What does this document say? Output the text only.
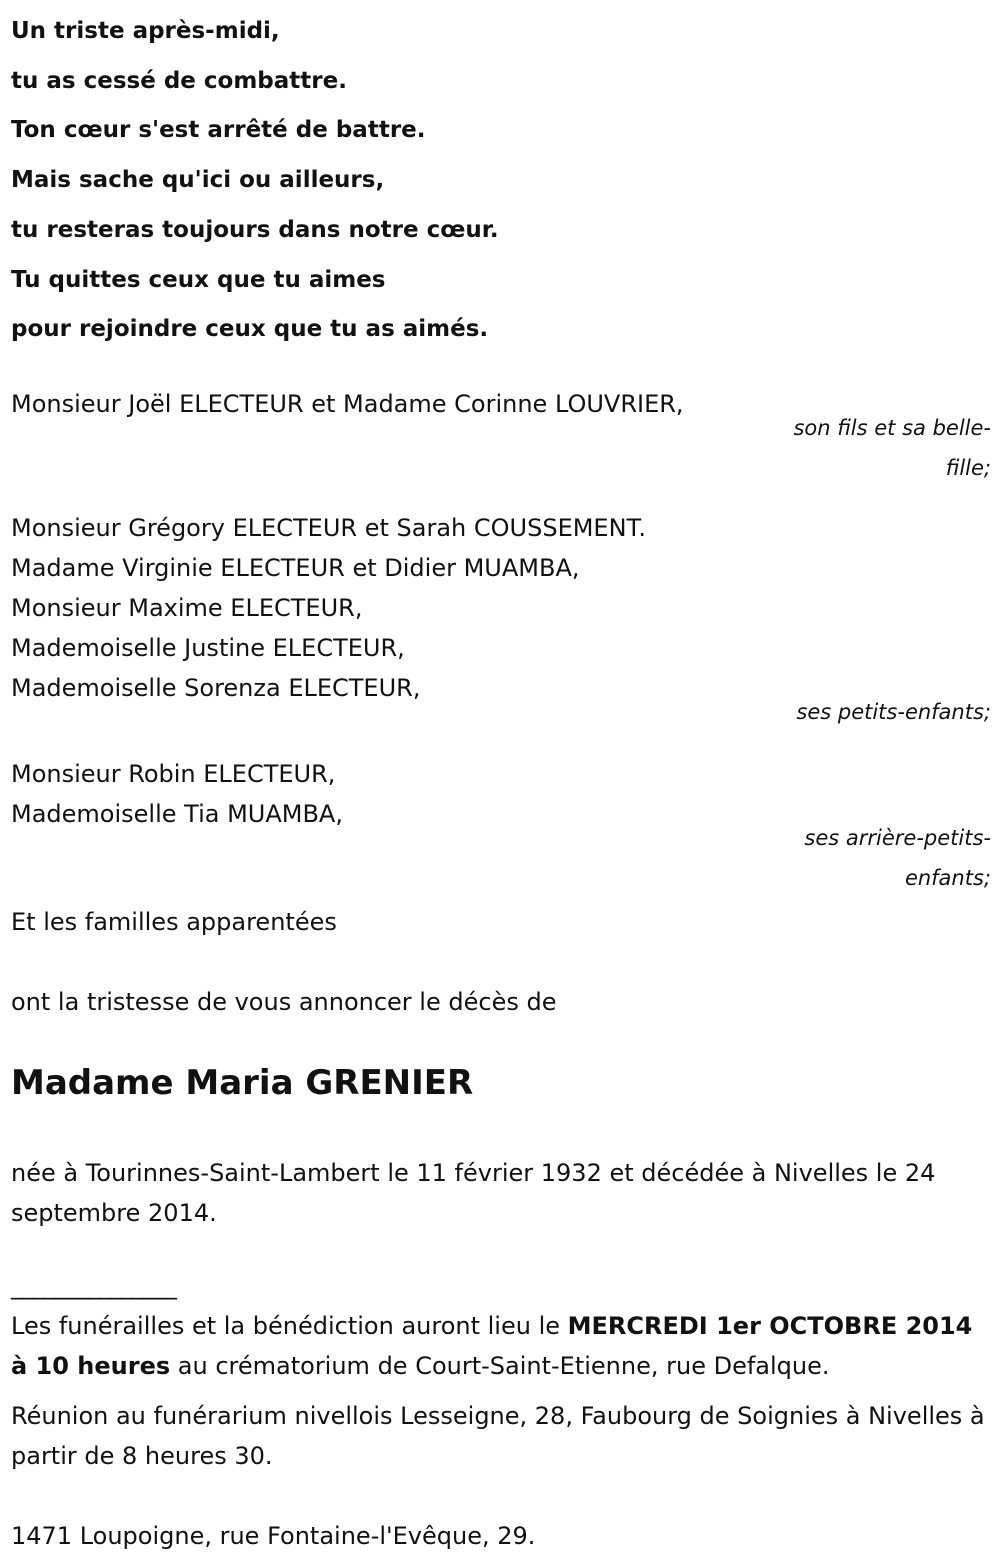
Un triste après-midi,
tu as cessé de combattre.
Ton cœur s'est arrêté de battre.
Mais sache qu'ici ou ailleurs,
tu resteras toujours dans notre cœur.
Tu quittes ceux que tu aimes
pour rejoindre ceux que tu as aimés.
Monsieur Joël ELECTEUR et Madame Corinne LOUVRIER,
son fils et sa belle-fille;
Monsieur Grégory ELECTEUR et Sarah COUSSEMENT.
Madame Virginie ELECTEUR et Didier MUAMBA,
Monsieur Maxime ELECTEUR,
Mademoiselle Justine ELECTEUR,
Mademoiselle Sorenza ELECTEUR,
ses petits-enfants;
Monsieur Robin ELECTEUR,
Mademoiselle Tia MUAMBA,
ses arrière-petits-enfants;
Et les familles apparentées
ont la tristesse de vous annoncer le décès de
Madame Maria GRENIER
née à Tourinnes-Saint-Lambert le 11 février 1932 et décédée à Nivelles le 24 septembre 2014.
_______________
Les funérailles et la bénédiction auront lieu le MERCREDI 1er OCTOBRE 2014 à 10 heures au crématorium de Court-Saint-Etienne, rue Defalque.
Réunion au funérarium nivellois Lesseigne, 28, Faubourg de Soignies à Nivelles à partir de 8 heures 30.
1471 Loupoigne, rue Fontaine-l'Evêque, 29.
